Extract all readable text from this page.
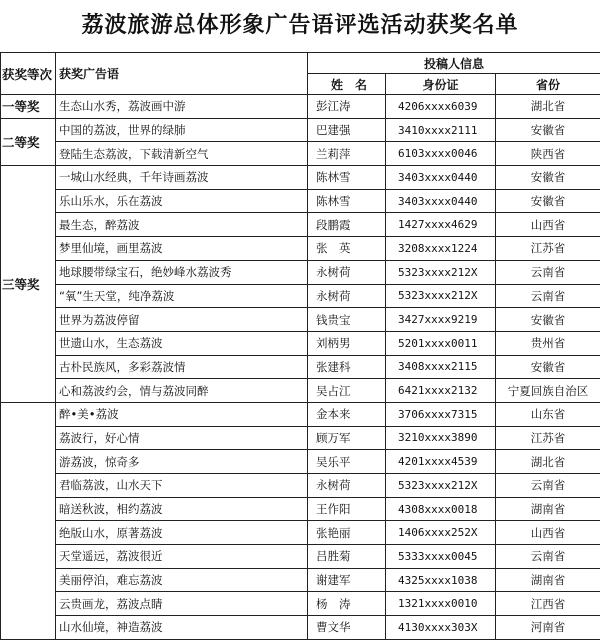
荔波旅游总体形象广告语评选活动获奖名单
获奖等次	获奖广告语	投稿人信息		
		姓　名	身份证	省份
一等奖	生态山水秀，荔波画中游	彭江涛	4206xxxx6039	湖北省
二等奖	中国的荔波，世界的绿肺	巴建强	3410xxxx2111	安徽省
	登陆生态荔波，下载清新空气	兰莉萍	6103xxxx0046	陕西省
三等奖	一城山水经典，千年诗画荔波	陈林雪	3403xxxx0440	安徽省
	乐山乐水，乐在荔波	陈林雪	3403xxxx0440	安徽省
	最生态，醉荔波	段鹏霞	1427xxxx4629	山西省
	梦里仙境，画里荔波	张　英	3208xxxx1224	江苏省
	地球腰带绿宝石，绝妙峰水荔波秀	永树荷	5323xxxx212X	云南省
	“氧”生天堂，纯净荔波	永树荷	5323xxxx212X	云南省
	世界为荔波停留	钱贵宝	3427xxxx9219	安徽省
	世遗山水，生态荔波	刘柄男	5201xxxx0011	贵州省
	古朴民族风，多彩荔波情	张建科	3408xxxx2115	安徽省
	心和荔波约会，情与荔波同醉	吴占江	6421xxxx2132	宁夏回族自治区
	醉•美•荔波	金本来	3706xxxx7315	山东省
	荔波行，好心情	顾万军	3210xxxx3890	江苏省
	游荔波，惊奇多	吴乐平	4201xxxx4539	湖北省
	君临荔波，山水天下	永树荷	5323xxxx212X	云南省
	暗送秋波，相约荔波	王作阳	4308xxxx0018	湖南省
	绝版山水，原著荔波	张艳丽	1406xxxx252X	山西省
	天堂遥远，荔波很近	吕胜菊	5333xxxx0045	云南省
	美丽停泊，难忘荔波	谢建军	4325xxxx1038	湖南省
	云贵画龙，荔波点睛	杨　涛	1321xxxx0010	江西省
	山水仙境，神造荔波	曹文华	4130xxxx303X	河南省
